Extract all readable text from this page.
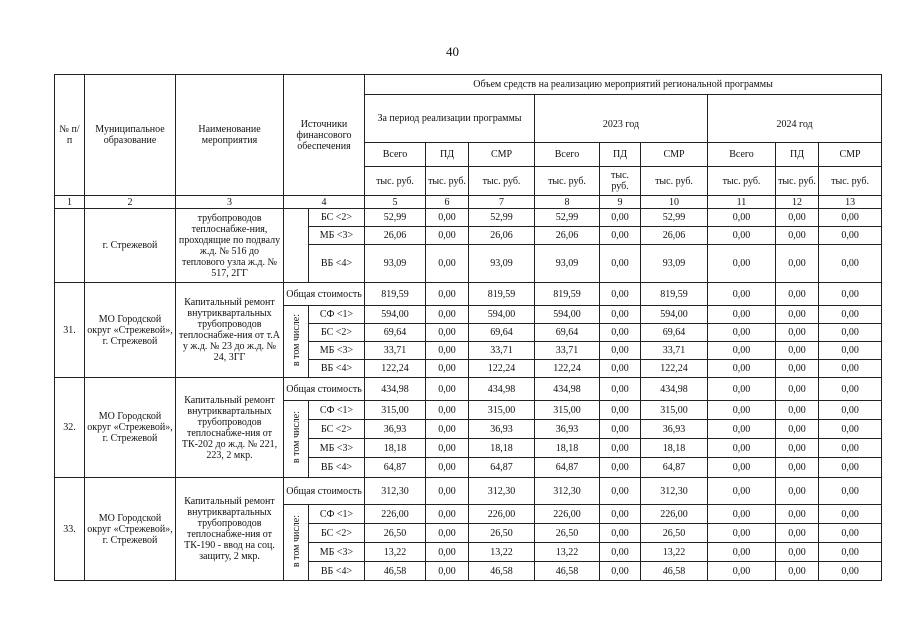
40
№ п/п	Муниципальное образование	Наименование мероприятия	Источники финансового обеспечения		Объем средств на реализацию мероприятий региональной программы								
					За период реализации программы			2023 год			2024 год		
					Всего	ПД	СМР	Всего	ПД	СМР	Всего	ПД	СМР
					тыс. руб.	тыс. руб.	тыс. руб.	тыс. руб.	тыс. руб.	тыс. руб.	тыс. руб.	тыс. руб.	тыс. руб.
1	2	3	4		5	6	7	8	9	10	11	12	13
	г. Стрежевой	трубопроводов теплоснабже-ния, проходящие по подвалу ж.д. № 516 до теплового узла ж.д. № 517, 2ГГ		БС <2>	52,99	0,00	52,99	52,99	0,00	52,99	0,00	0,00	0,00
				МБ <3>	26,06	0,00	26,06	26,06	0,00	26,06	0,00	0,00	0,00
				ВБ <4>	93,09	0,00	93,09	93,09	0,00	93,09	0,00	0,00	0,00
31.	МО Городской округ «Стрежевой», г. Стрежевой	Капитальный ремонт внутриквартальных трубопроводов теплоснабже-ния от т.А у ж.д. № 23 до ж.д. № 24, 3ГГ	Общая стоимость		819,59	0,00	819,59	819,59	0,00	819,59	0,00	0,00	0,00
			в том числе:	СФ <1>	594,00	0,00	594,00	594,00	0,00	594,00	0,00	0,00	0,00
				БС <2>	69,64	0,00	69,64	69,64	0,00	69,64	0,00	0,00	0,00
				МБ <3>	33,71	0,00	33,71	33,71	0,00	33,71	0,00	0,00	0,00
				ВБ <4>	122,24	0,00	122,24	122,24	0,00	122,24	0,00	0,00	0,00
32.	МО Городской округ «Стрежевой», г. Стрежевой	Капитальный ремонт внутриквартальных трубопроводов теплоснабже-ния от ТК-202 до ж.д. № 221, 223, 2 мкр.	Общая стоимость		434,98	0,00	434,98	434,98	0,00	434,98	0,00	0,00	0,00
			в том числе:	СФ <1>	315,00	0,00	315,00	315,00	0,00	315,00	0,00	0,00	0,00
				БС <2>	36,93	0,00	36,93	36,93	0,00	36,93	0,00	0,00	0,00
				МБ <3>	18,18	0,00	18,18	18,18	0,00	18,18	0,00	0,00	0,00
				ВБ <4>	64,87	0,00	64,87	64,87	0,00	64,87	0,00	0,00	0,00
33.	МО Городской округ «Стрежевой», г. Стрежевой	Капитальный ремонт внутриквартальных трубопроводов теплоснабже-ния от ТК-190 - ввод на соц. защиту, 2 мкр.	Общая стоимость		312,30	0,00	312,30	312,30	0,00	312,30	0,00	0,00	0,00
			в том числе:	СФ <1>	226,00	0,00	226,00	226,00	0,00	226,00	0,00	0,00	0,00
				БС <2>	26,50	0,00	26,50	26,50	0,00	26,50	0,00	0,00	0,00
				МБ <3>	13,22	0,00	13,22	13,22	0,00	13,22	0,00	0,00	0,00
				ВБ <4>	46,58	0,00	46,58	46,58	0,00	46,58	0,00	0,00	0,00
